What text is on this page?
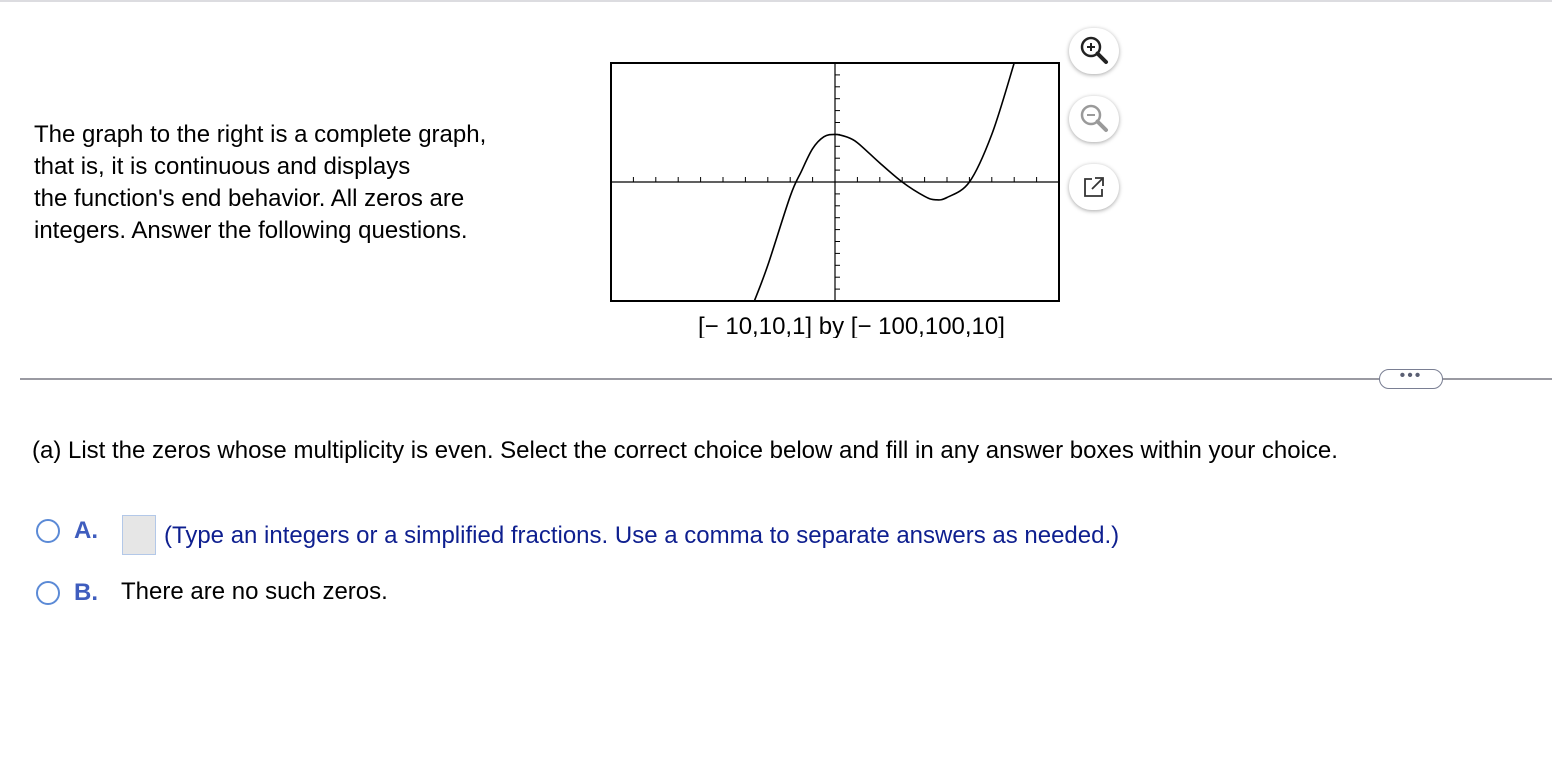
The graph to the right is a complete graph,
that is, it is continuous and displays
the function's end behavior. All zeros are
integers. Answer the following questions.
[− 10,10,1] by [− 100,100,10]
•••
(a) List the zeros whose multiplicity is even. Select the correct choice below and fill in any answer boxes within your choice.
A.	(Type an integers or a simplified fractions. Use a comma to separate answers as needed.)
B. There are no such zeros.
